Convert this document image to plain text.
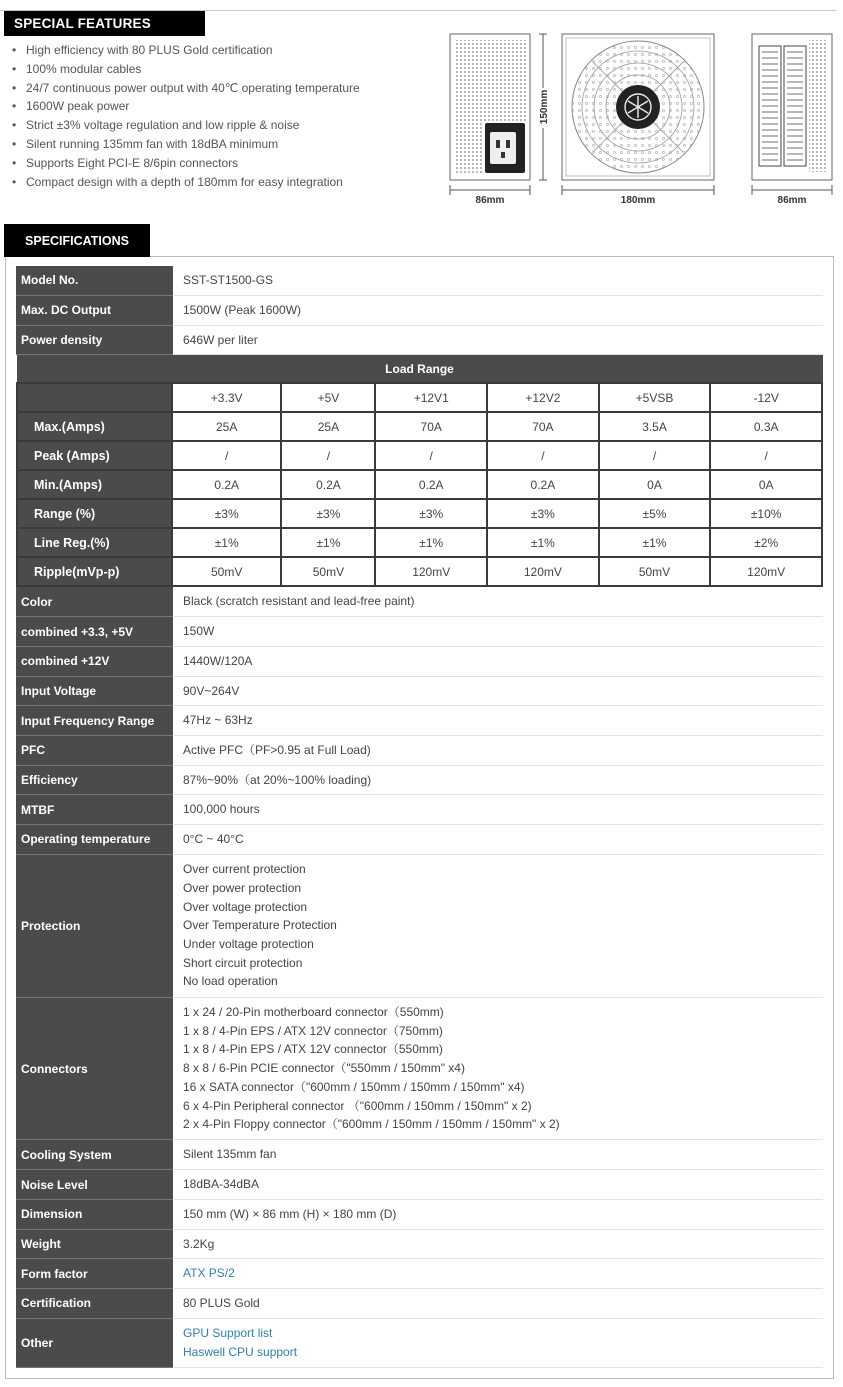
SPECIAL FEATURES
• High efficiency with 80 PLUS Gold certification
• 100% modular cables
• 24/7 continuous power output with 40℃ operating temperature
• 1600W peak power
• Strict ±3% voltage regulation and low ripple & noise
• Silent running 135mm fan with 18dBA minimum
• Supports Eight PCI-E 8/6pin connectors
• Compact design with a depth of 180mm for easy integration
150mm
86mm	180mm	86mm
SPECIFICATIONS
Model No.	SST-ST1500-GS
Max. DC Output	1500W (Peak 1600W)
Power density	646W per liter

Load Range
	+3.3V	+5V	+12V1	+12V2	+5VSB	-12V
Max.(Amps)	25A	25A	70A	70A	3.5A	0.3A
Peak (Amps)	/	/	/	/	/	/
Min.(Amps)	0.2A	0.2A	0.2A	0.2A	0A	0A
Range (%)	±3%	±3%	±3%	±3%	±5%	±10%
Line Reg.(%)	±1%	±1%	±1%	±1%	±1%	±2%
Ripple(mVp-p)	50mV	50mV	120mV	120mV	50mV	120mV

Color	Black (scratch resistant and lead-free paint)

combined +3.3, +5V	150W

combined +12V	1440W/120A

Input Voltage	90V~264V

Input Frequency Range	47Hz ~ 63Hz

PFC	Active PFC（PF>0.95 at Full Load)

Efficiency	87%~90%（at 20%~100% loading)

MTBF	100,000 hours

Operating temperature	0°C ~ 40°C

Protection	
Over current protection
Over power protection
Over voltage protection
Over Temperature Protection
Under voltage protection
Short circuit protection
No load operation

Connectors	
1 x 24 / 20-Pin motherboard connector（550mm)
1 x 8 / 4-Pin EPS / ATX 12V connector（750mm)
1 x 8 / 4-Pin EPS / ATX 12V connector（550mm)
8 x 8 / 6-Pin PCIE connector（"550mm / 150mm" x4)
16 x SATA connector（"600mm / 150mm / 150mm / 150mm" x4)
6 x 4-Pin Peripheral connector （"600mm / 150mm / 150mm" x 2)
2 x 4-Pin Floppy connector（"600mm / 150mm / 150mm / 150mm" x 2)

Cooling System	Silent 135mm fan

Noise Level	18dBA-34dBA

Dimension	150 mm (W) × 86 mm (H) × 180 mm (D)

Weight	3.2Kg

Form factor	ATX PS/2

Certification	80 PLUS Gold

Other	
GPU Support list
Haswell CPU support
